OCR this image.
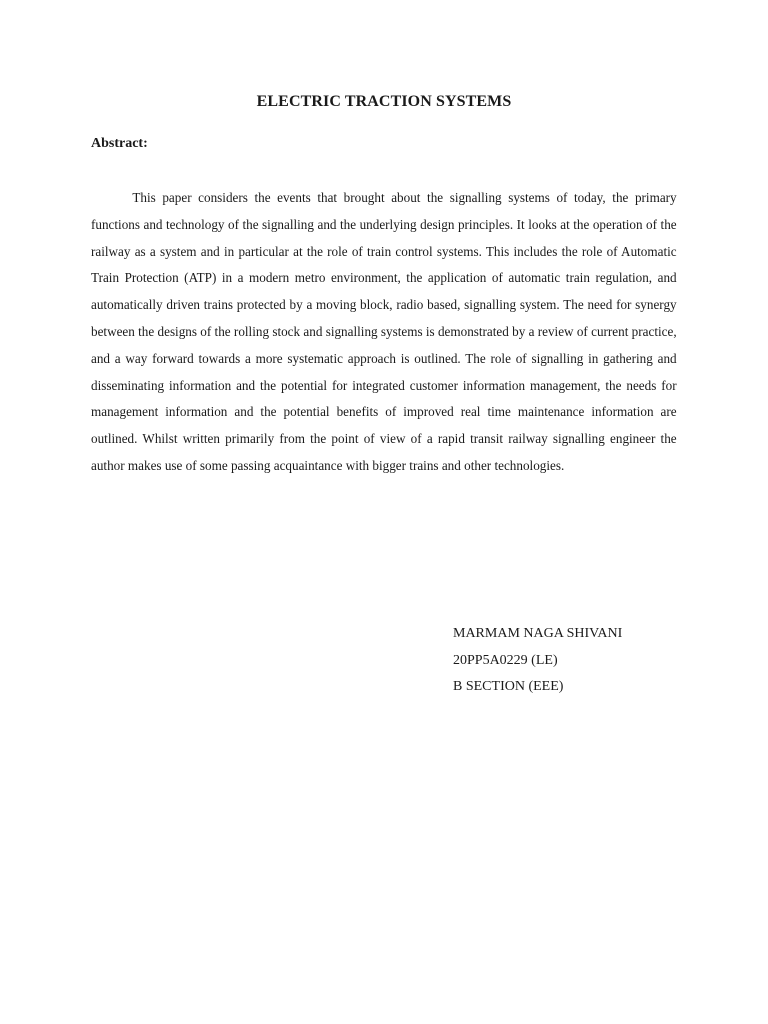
ELECTRIC TRACTION SYSTEMS
Abstract:

This paper considers the events that brought about the signalling systems of today, the primary functions and technology of the signalling and the underlying design principles. It looks at the operation of the railway as a system and in particular at the role of train control systems. This includes the role of Automatic Train Protection (ATP) in a modern metro environment, the application of automatic train regulation, and automatically driven trains protected by a moving block, radio based, signalling system. The need for synergy between the designs of the rolling stock and signalling systems is demonstrated by a review of current practice, and a way forward towards a more systematic approach is outlined. The role of signalling in gathering and disseminating information and the potential for integrated customer information management, the needs for management information and the potential benefits of improved real time maintenance information are outlined. Whilst written primarily from the point of view of a rapid transit railway signalling engineer the author makes use of some passing acquaintance with bigger trains and other technologies.

MARMAM NAGA SHIVANI
20PP5A0229 (LE)
B SECTION (EEE)
